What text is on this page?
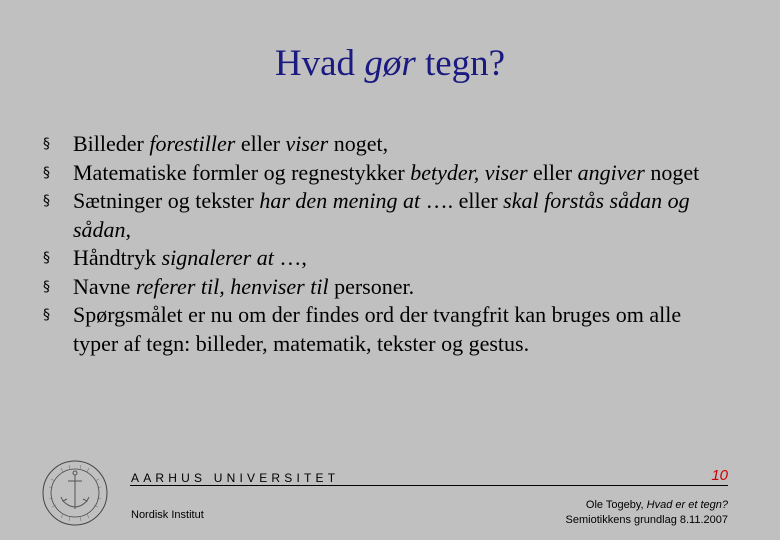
Hvad gør tegn?
§ Billeder forestiller eller viser noget,
§ Matematiske formler og regnestykker betyder, viser eller angiver noget
§ Sætninger og tekster har den mening at …. eller skal forstås sådan og sådan,
§ Håndtryk signalerer at …,
§ Navne referer til, henviser til personer.
§ Spørgsmålet er nu om der findes ord der tvangfrit kan bruges om alle typer af tegn: billeder, matematik, tekster og gestus.
AARHUS UNIVERSITET	10
Nordisk Institut
Ole Togeby, Hvad er et tegn?
Semiotikkens grundlag 8.11.2007
